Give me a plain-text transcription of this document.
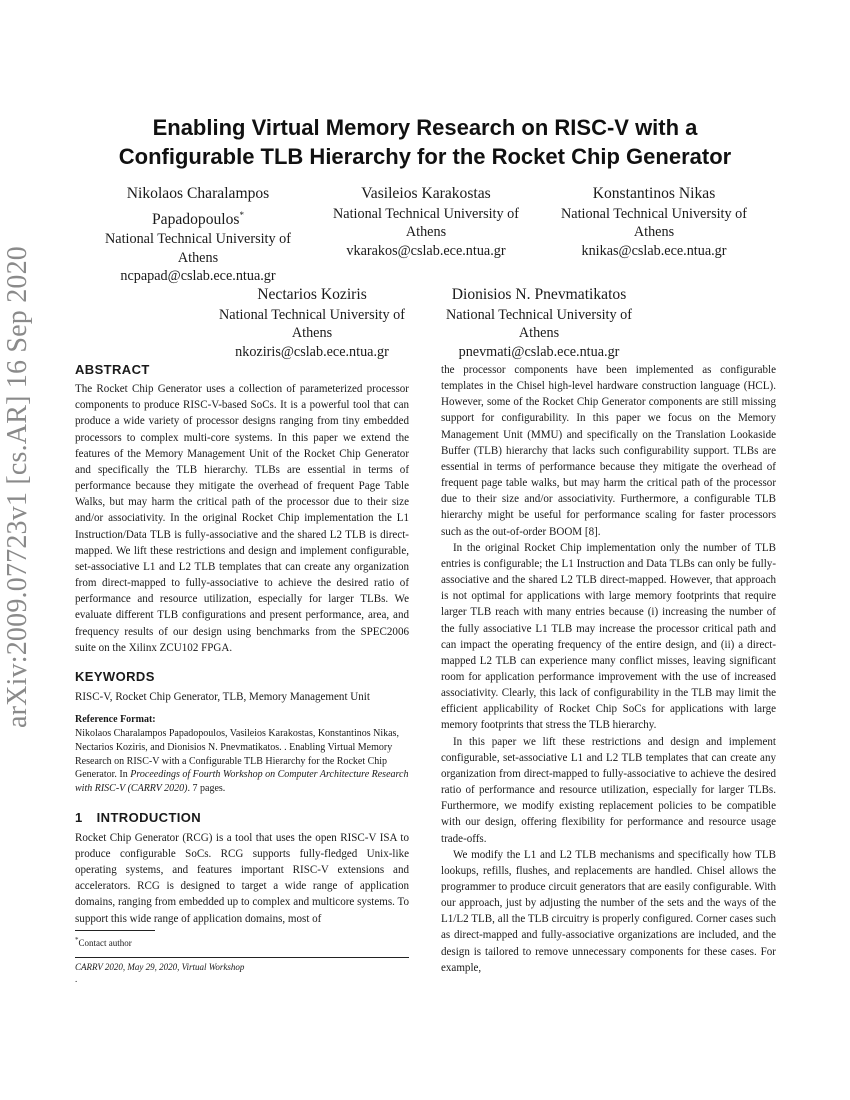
arXiv:2009.07723v1 [cs.AR] 16 Sep 2020
Enabling Virtual Memory Research on RISC-V with a
Configurable TLB Hierarchy for the Rocket Chip Generator
Nikolaos Charalampos
Papadopoulos*
National Technical University of
Athens
ncpapad@cslab.ece.ntua.gr
Vasileios Karakostas
National Technical University of
Athens
vkarakos@cslab.ece.ntua.gr
Konstantinos Nikas
National Technical University of
Athens
knikas@cslab.ece.ntua.gr
Nectarios Koziris
National Technical University of
Athens
nkoziris@cslab.ece.ntua.gr
Dionisios N. Pnevmatikatos
National Technical University of
Athens
pnevmati@cslab.ece.ntua.gr

ABSTRACT

The Rocket Chip Generator uses a collection of parameterized processor components to produce RISC-V-based SoCs. It is a powerful tool that can produce a wide variety of processor designs ranging from tiny embedded processors to complex multi-core systems. In this paper we extend the features of the Memory Management Unit of the Rocket Chip Generator and specifically the TLB hierarchy. TLBs are essential in terms of performance because they mitigate the overhead of frequent Page Table Walks, but may harm the critical path of the processor due to their size and/or associativity. In the original Rocket Chip implementation the L1 Instruction/Data TLB is fully-associative and the shared L2 TLB is direct-mapped. We lift these restrictions and design and implement configurable, set-associative L1 and L2 TLB templates that can create any organization from direct-mapped to fully-associative to achieve the desired ratio of performance and resource utilization, especially for larger TLBs. We evaluate different TLB configurations and present performance, area, and frequency results of our design using benchmarks from the SPEC2006 suite on the Xilinx ZCU102 FPGA.

KEYWORDS

RISC-V, Rocket Chip Generator, TLB, Memory Management Unit

Reference Format:

Nikolaos Charalampos Papadopoulos, Vasileios Karakostas, Konstantinos Nikas, Nectarios Koziris, and Dionisios N. Pnevmatikatos. . Enabling Virtual Memory Research on RISC-V with a Configurable TLB Hierarchy for the Rocket Chip Generator. In Proceedings of Fourth Workshop on Computer Architecture Research with RISC-V (CARRV 2020). 7 pages.

1 INTRODUCTION

Rocket Chip Generator (RCG) is a tool that uses the open RISC-V ISA to produce configurable SoCs. RCG supports fully-fledged Unix-like operating systems, and features important RISC-V extensions and accelerators. RCG is designed to target a wide range of application domains, ranging from embedded up to complex and multicore systems. To support this wide range of application domains, most of

*Contact author
CARRV 2020, May 29, 2020, Virtual Workshop
.

the processor components have been implemented as configurable templates in the Chisel high-level hardware construction language (HCL). However, some of the Rocket Chip Generator components are still missing support for configurability. In this paper we focus on the Memory Management Unit (MMU) and specifically on the Translation Lookaside Buffer (TLB) hierarchy that lacks such configurability support. TLBs are essential in terms of performance because they mitigate the overhead of frequent page table walks, but may harm the critical path of the processor due to their size and/or associativity. Furthermore, a configurable TLB hierarchy might be useful for performance scaling for faster processors such as the out-of-order BOOM [8].

In the original Rocket Chip implementation only the number of TLB entries is configurable; the L1 Instruction and Data TLBs can only be fully-associative and the shared L2 TLB direct-mapped. However, that approach is not optimal for applications with large memory footprints that require larger TLB reach with many entries because (i) increasing the number of the fully associative L1 TLB may increase the processor critical path and can impact the operating frequency of the entire design, and (ii) a direct-mapped L2 TLB can experience many conflict misses, leaving significant room for application performance improvement with the use of increased associativity. Clearly, this lack of configurability in the TLB may limit the efficient applicability of Rocket Chip SoCs for applications with large memory footprints that stress the TLB hierarchy.

In this paper we lift these restrictions and design and implement configurable, set-associative L1 and L2 TLB templates that can create any organization from direct-mapped to fully-associative to achieve the desired ratio of performance and resource utilization, especially for larger TLBs. Furthermore, we modify existing replacement policies to be compatible with our design, offering flexibility for performance and resource usage trade-offs.

We modify the L1 and L2 TLB mechanisms and specifically how TLB lookups, refills, flushes, and replacements are handled. Chisel allows the programmer to produce circuit generators that are easily configurable. With our approach, just by adjusting the number of the sets and the ways of the L1/L2 TLB, all the TLB circuitry is properly configured. Corner cases such as direct-mapped and fully-associative organizations are included, and the design is tailored to remove unnecessary components for these cases. For example,
